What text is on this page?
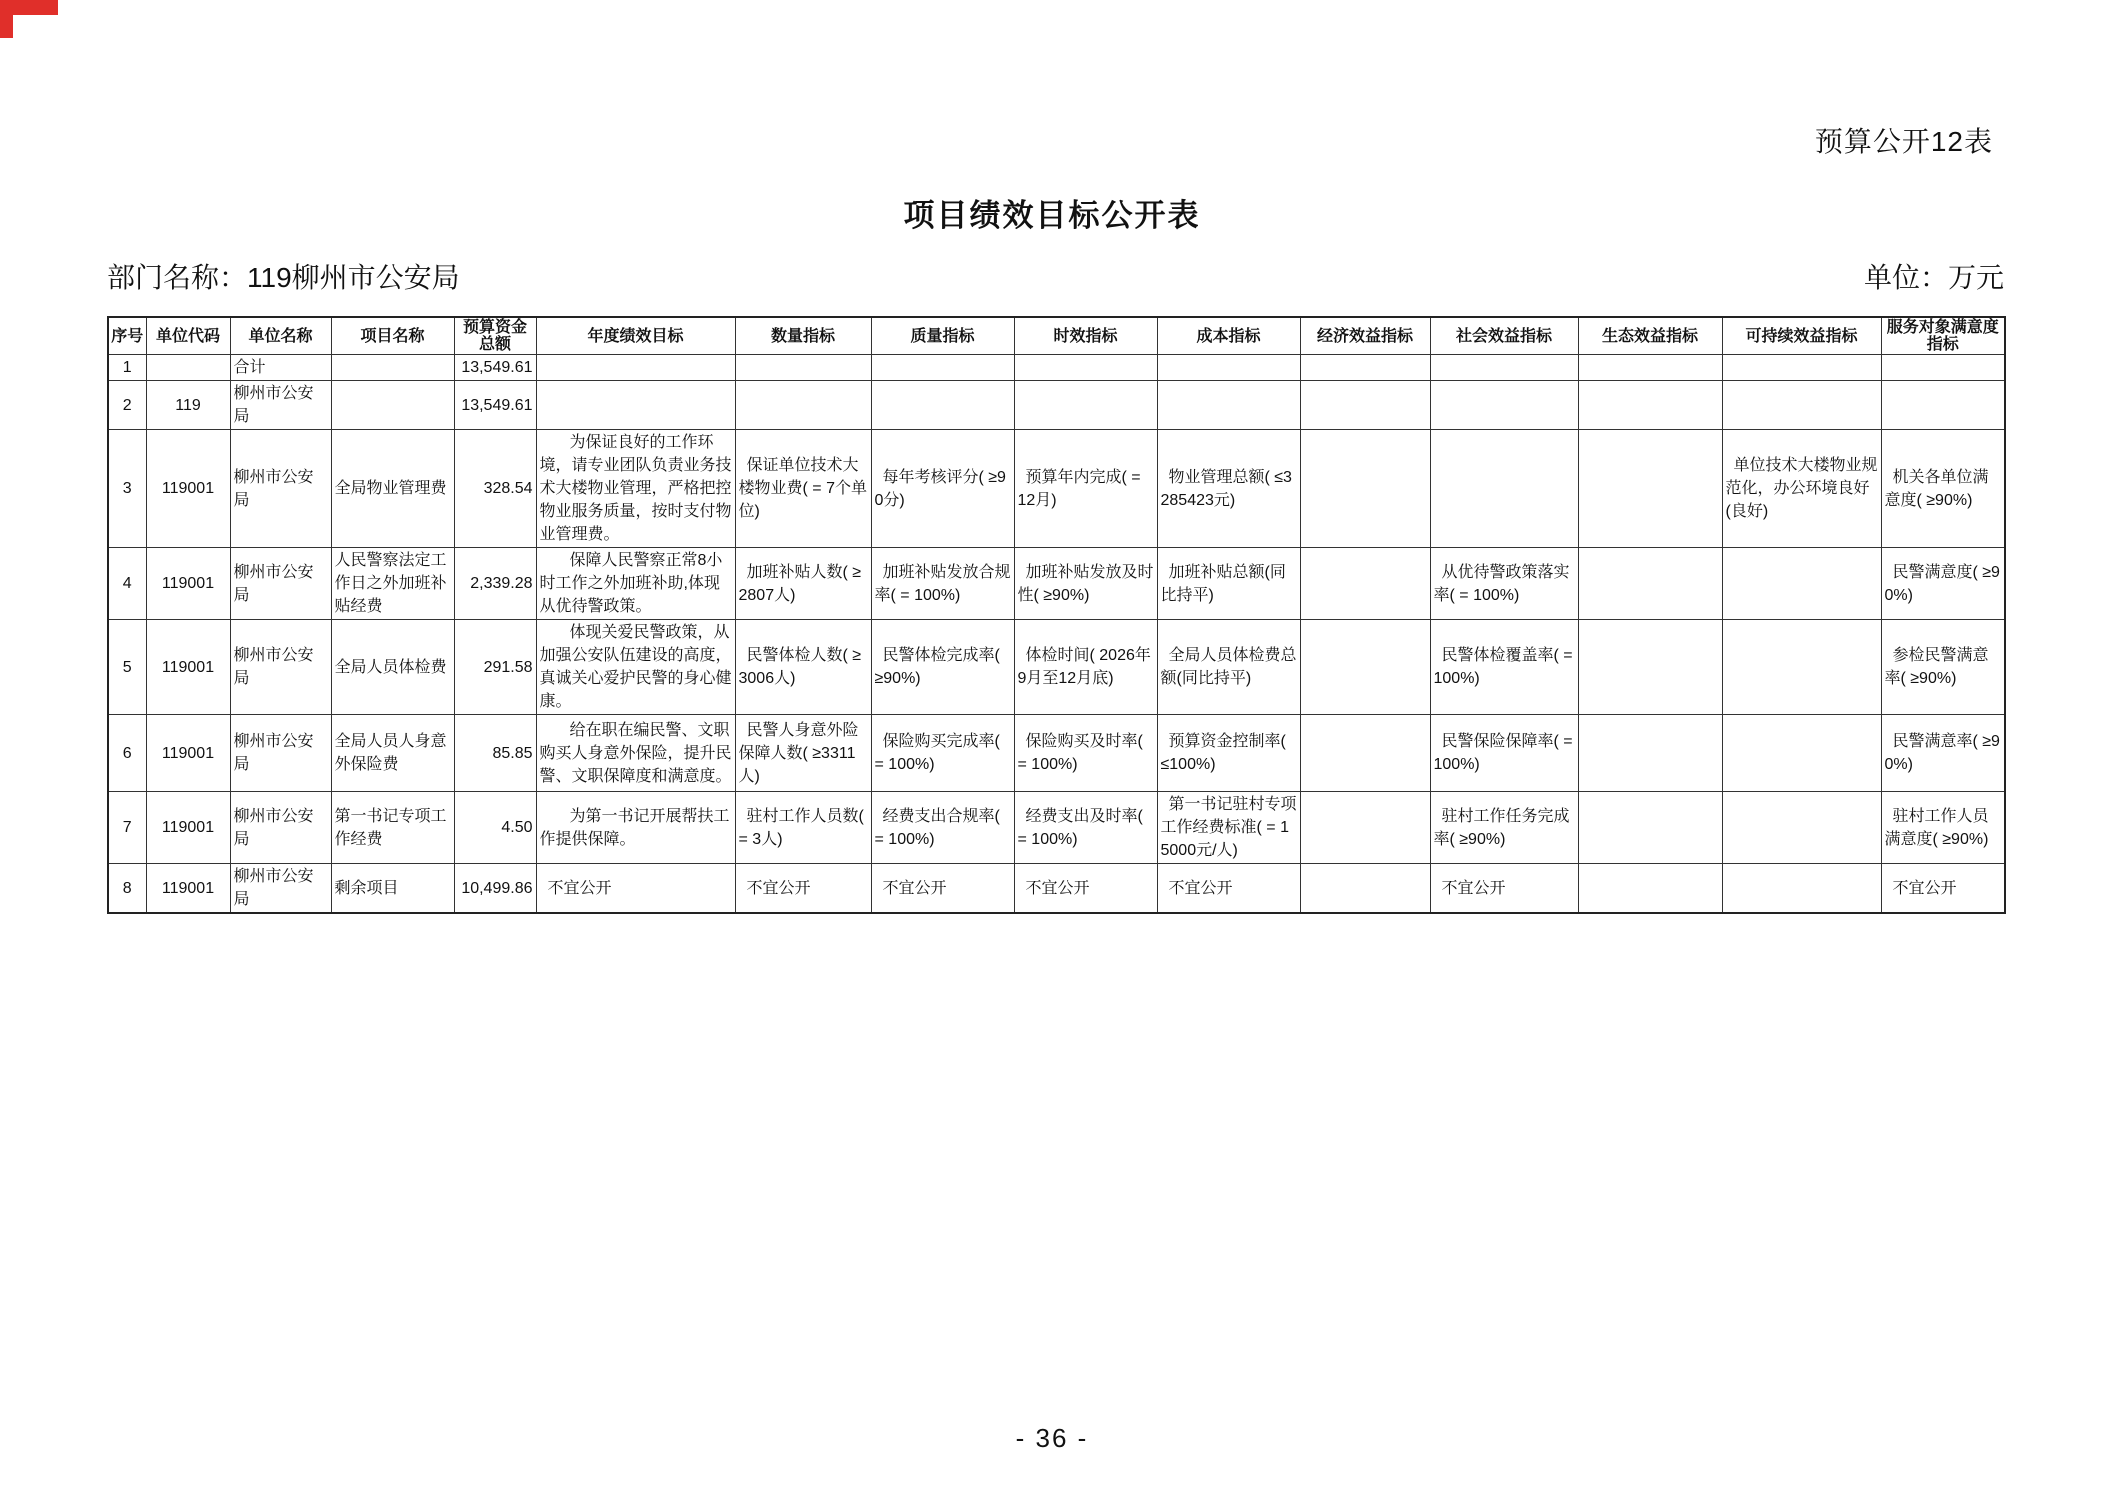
预算公开12表
项目绩效目标公开表
部门名称：119柳州市公安局	单位：万元
序号	单位代码	单位名称	项目名称	预算资金总额	年度绩效目标	数量指标	质量指标	时效指标	成本指标	经济效益指标	社会效益指标	生态效益指标	可持续效益指标	服务对象满意度指标
1		合计		13,549.61										
2	119	柳州市公安局		13,549.61										
3	119001	柳州市公安局	全局物业管理费	328.54	为保证良好的工作环境，请专业团队负责业务技术大楼物业管理，严格把控物业服务质量，按时支付物业管理费。	保证单位技术大楼物业费( = 7个单位)	每年考核评分( ≥90分)	预算年内完成( = 12月)	物业管理总额( ≤3285423元)				单位技术大楼物业规范化，办公环境良好(良好)	机关各单位满意度( ≥90%)
4	119001	柳州市公安局	人民警察法定工作日之外加班补贴经费	2,339.28	保障人民警察正常8小时工作之外加班补助,体现从优待警政策。	加班补贴人数( ≥2807人)	加班补贴发放合规率( = 100%)	加班补贴发放及时性( ≥90%)	加班补贴总额(同比持平)		从优待警政策落实率( = 100%)			民警满意度( ≥90%)
5	119001	柳州市公安局	全局人员体检费	291.58	体现关爱民警政策，从加强公安队伍建设的高度，真诚关心爱护民警的身心健康。	民警体检人数( ≥3006人)	民警体检完成率( ≥90%)	体检时间( 2026年9月至12月底)	全局人员体检费总额(同比持平)		民警体检覆盖率( = 100%)			参检民警满意率( ≥90%)
6	119001	柳州市公安局	全局人员人身意外保险费	85.85	给在职在编民警、文职购买人身意外保险，提升民警、文职保障度和满意度。	民警人身意外险保障人数( ≥3311人)	保险购买完成率( = 100%)	保险购买及时率( = 100%)	预算资金控制率( ≤100%)		民警保险保障率( = 100%)			民警满意率( ≥90%)
7	119001	柳州市公安局	第一书记专项工作经费	4.50	为第一书记开展帮扶工作提供保障。	驻村工作人员数( = 3人)	经费支出合规率( = 100%)	经费支出及时率( = 100%)	第一书记驻村专项工作经费标准( = 15000元/人)		驻村工作任务完成率( ≥90%)			驻村工作人员满意度( ≥90%)
8	119001	柳州市公安局	剩余项目	10,499.86	不宜公开	不宜公开	不宜公开	不宜公开	不宜公开		不宜公开			不宜公开
- 36 -
